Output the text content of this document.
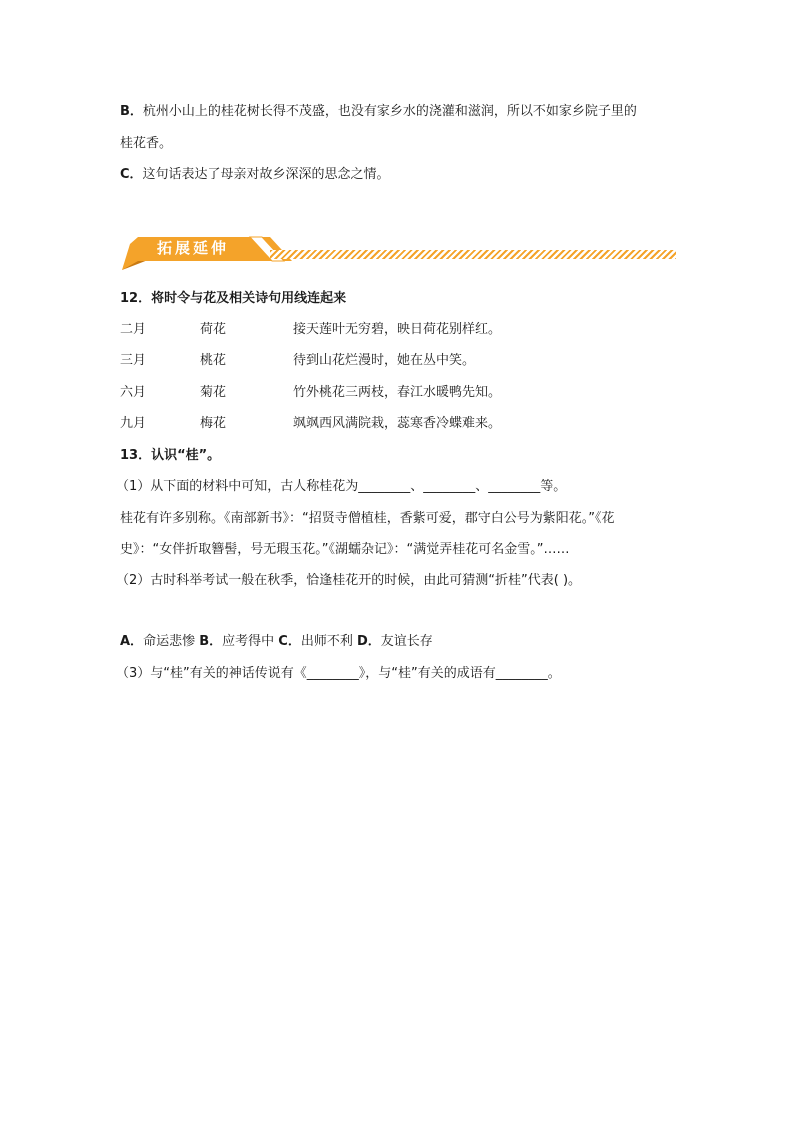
B．杭州小山上的桂花树长得不茂盛，也没有家乡水的浇灌和滋润，所以不如家乡院子里的
桂花香。
C．这句话表达了母亲对故乡深深的思念之情。
拓展延伸
12．将时令与花及相关诗句用线连起来
二月	荷花	接天莲叶无穷碧，映日荷花别样红。
三月	桃花	待到山花烂漫时，她在丛中笑。
六月	菊花	竹外桃花三两枝，春江水暖鸭先知。
九月	梅花	飒飒西风满院栽，蕊寒香冷蝶难来。
13．认识“桂”。
（1）从下面的材料中可知，古人称桂花为________、________、________等。
桂花有许多别称。《南部新书》：“招贤寺僧植桂，香紫可爱，郡守白公号为紫阳花。”《花
史》：“女伴折取簪髻，号无瑕玉花。”《湖蠕杂记》：“满觉弄桂花可名金雪。”……
（2）古时科举考试一般在秋季，恰逢桂花开的时候，由此可猜测“折桂”代表( )。
A．命运悲惨 B．应考得中 C．出师不利 D．友谊长存
（3）与“桂”有关的神话传说有《________》，与“桂”有关的成语有________。
